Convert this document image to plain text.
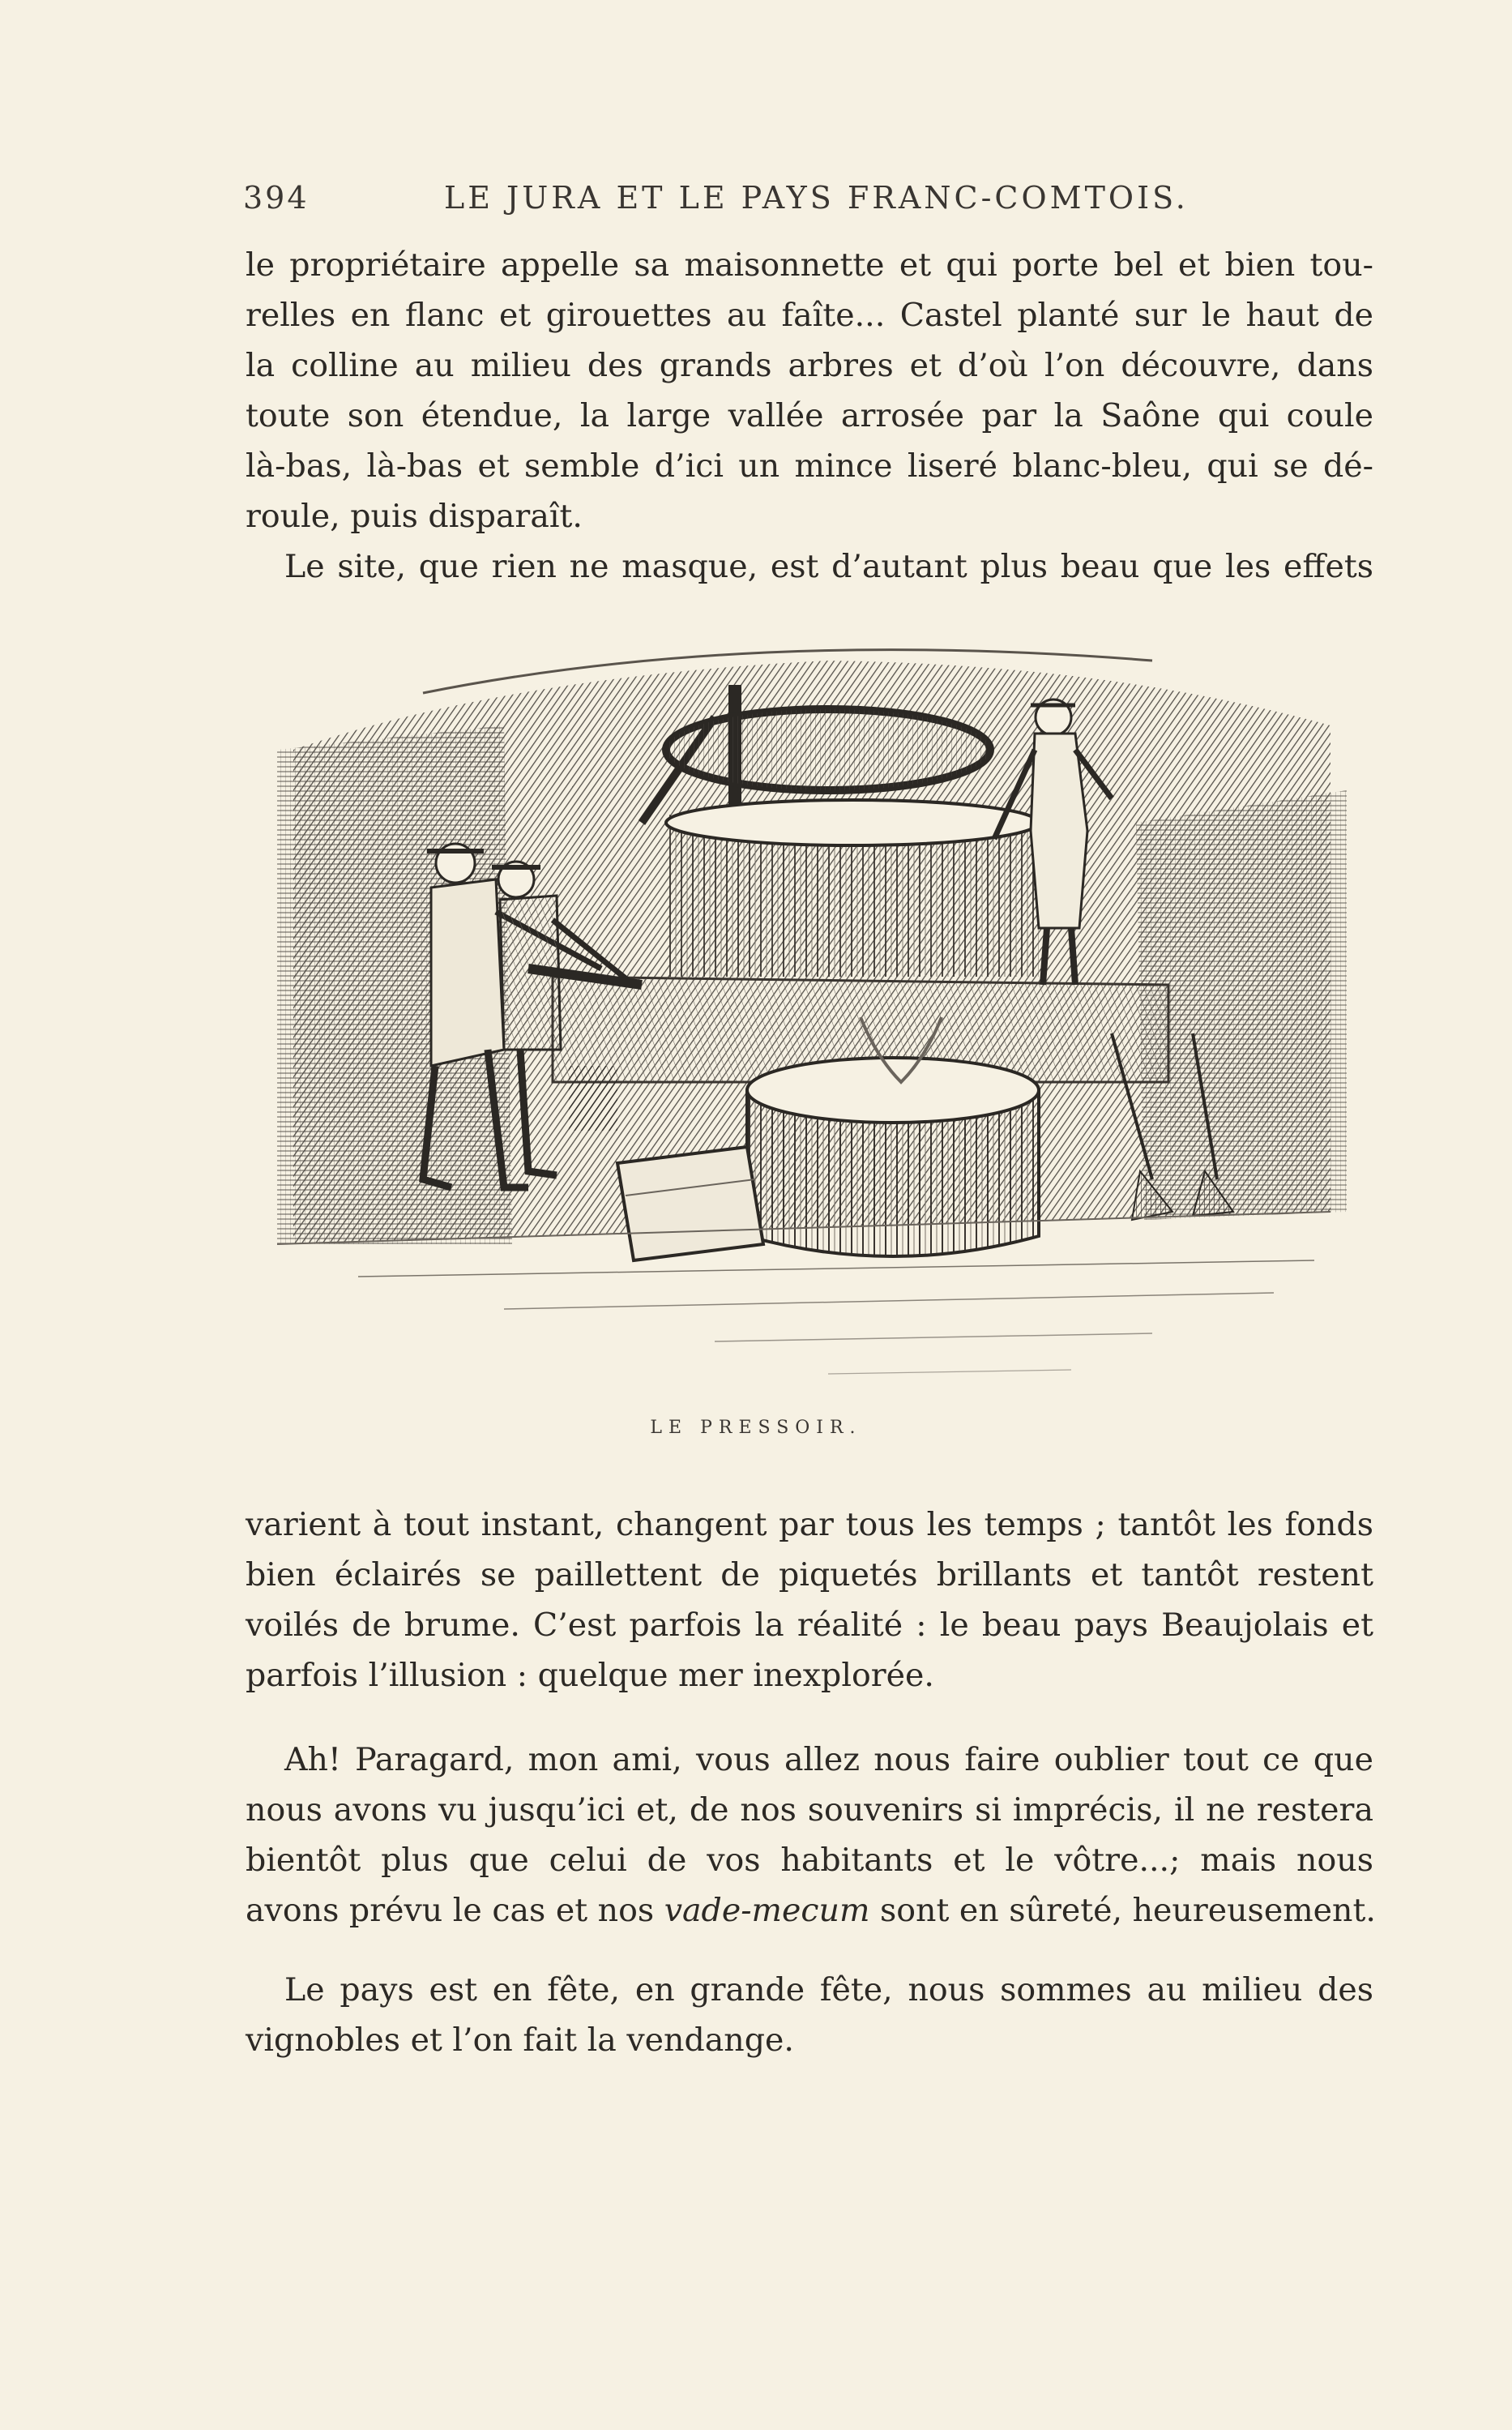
394	LE JURA ET LE PAYS FRANC-COMTOIS.
le propriétaire appelle sa maisonnette et qui porte bel et bien tou-
relles en flanc et girouettes au faîte... Castel planté sur le haut de
la colline au milieu des grands arbres et d’où l’on découvre, dans
toute son étendue, la large vallée arrosée par la Saône qui coule
là-bas, là-bas et semble d’ici un mince liseré blanc-bleu, qui se dé-
roule, puis disparaît.
Le site, que rien ne masque, est d’autant plus beau que les effets
LE PRESSOIR.
varient à tout instant, changent par tous les temps ; tantôt les fonds
bien éclairés se paillettent de piquetés brillants et tantôt restent
voilés de brume. C’est parfois la réalité : le beau pays Beaujolais et
parfois l’illusion : quelque mer inexplorée.
Ah! Paragard, mon ami, vous allez nous faire oublier tout ce que
nous avons vu jusqu’ici et, de nos souvenirs si imprécis, il ne restera
bientôt plus que celui de vos habitants et le vôtre...; mais nous
avons prévu le cas et nos vade-mecum sont en sûreté, heureusement.
Le pays est en fête, en grande fête, nous sommes au milieu des
vignobles et l’on fait la vendange.
